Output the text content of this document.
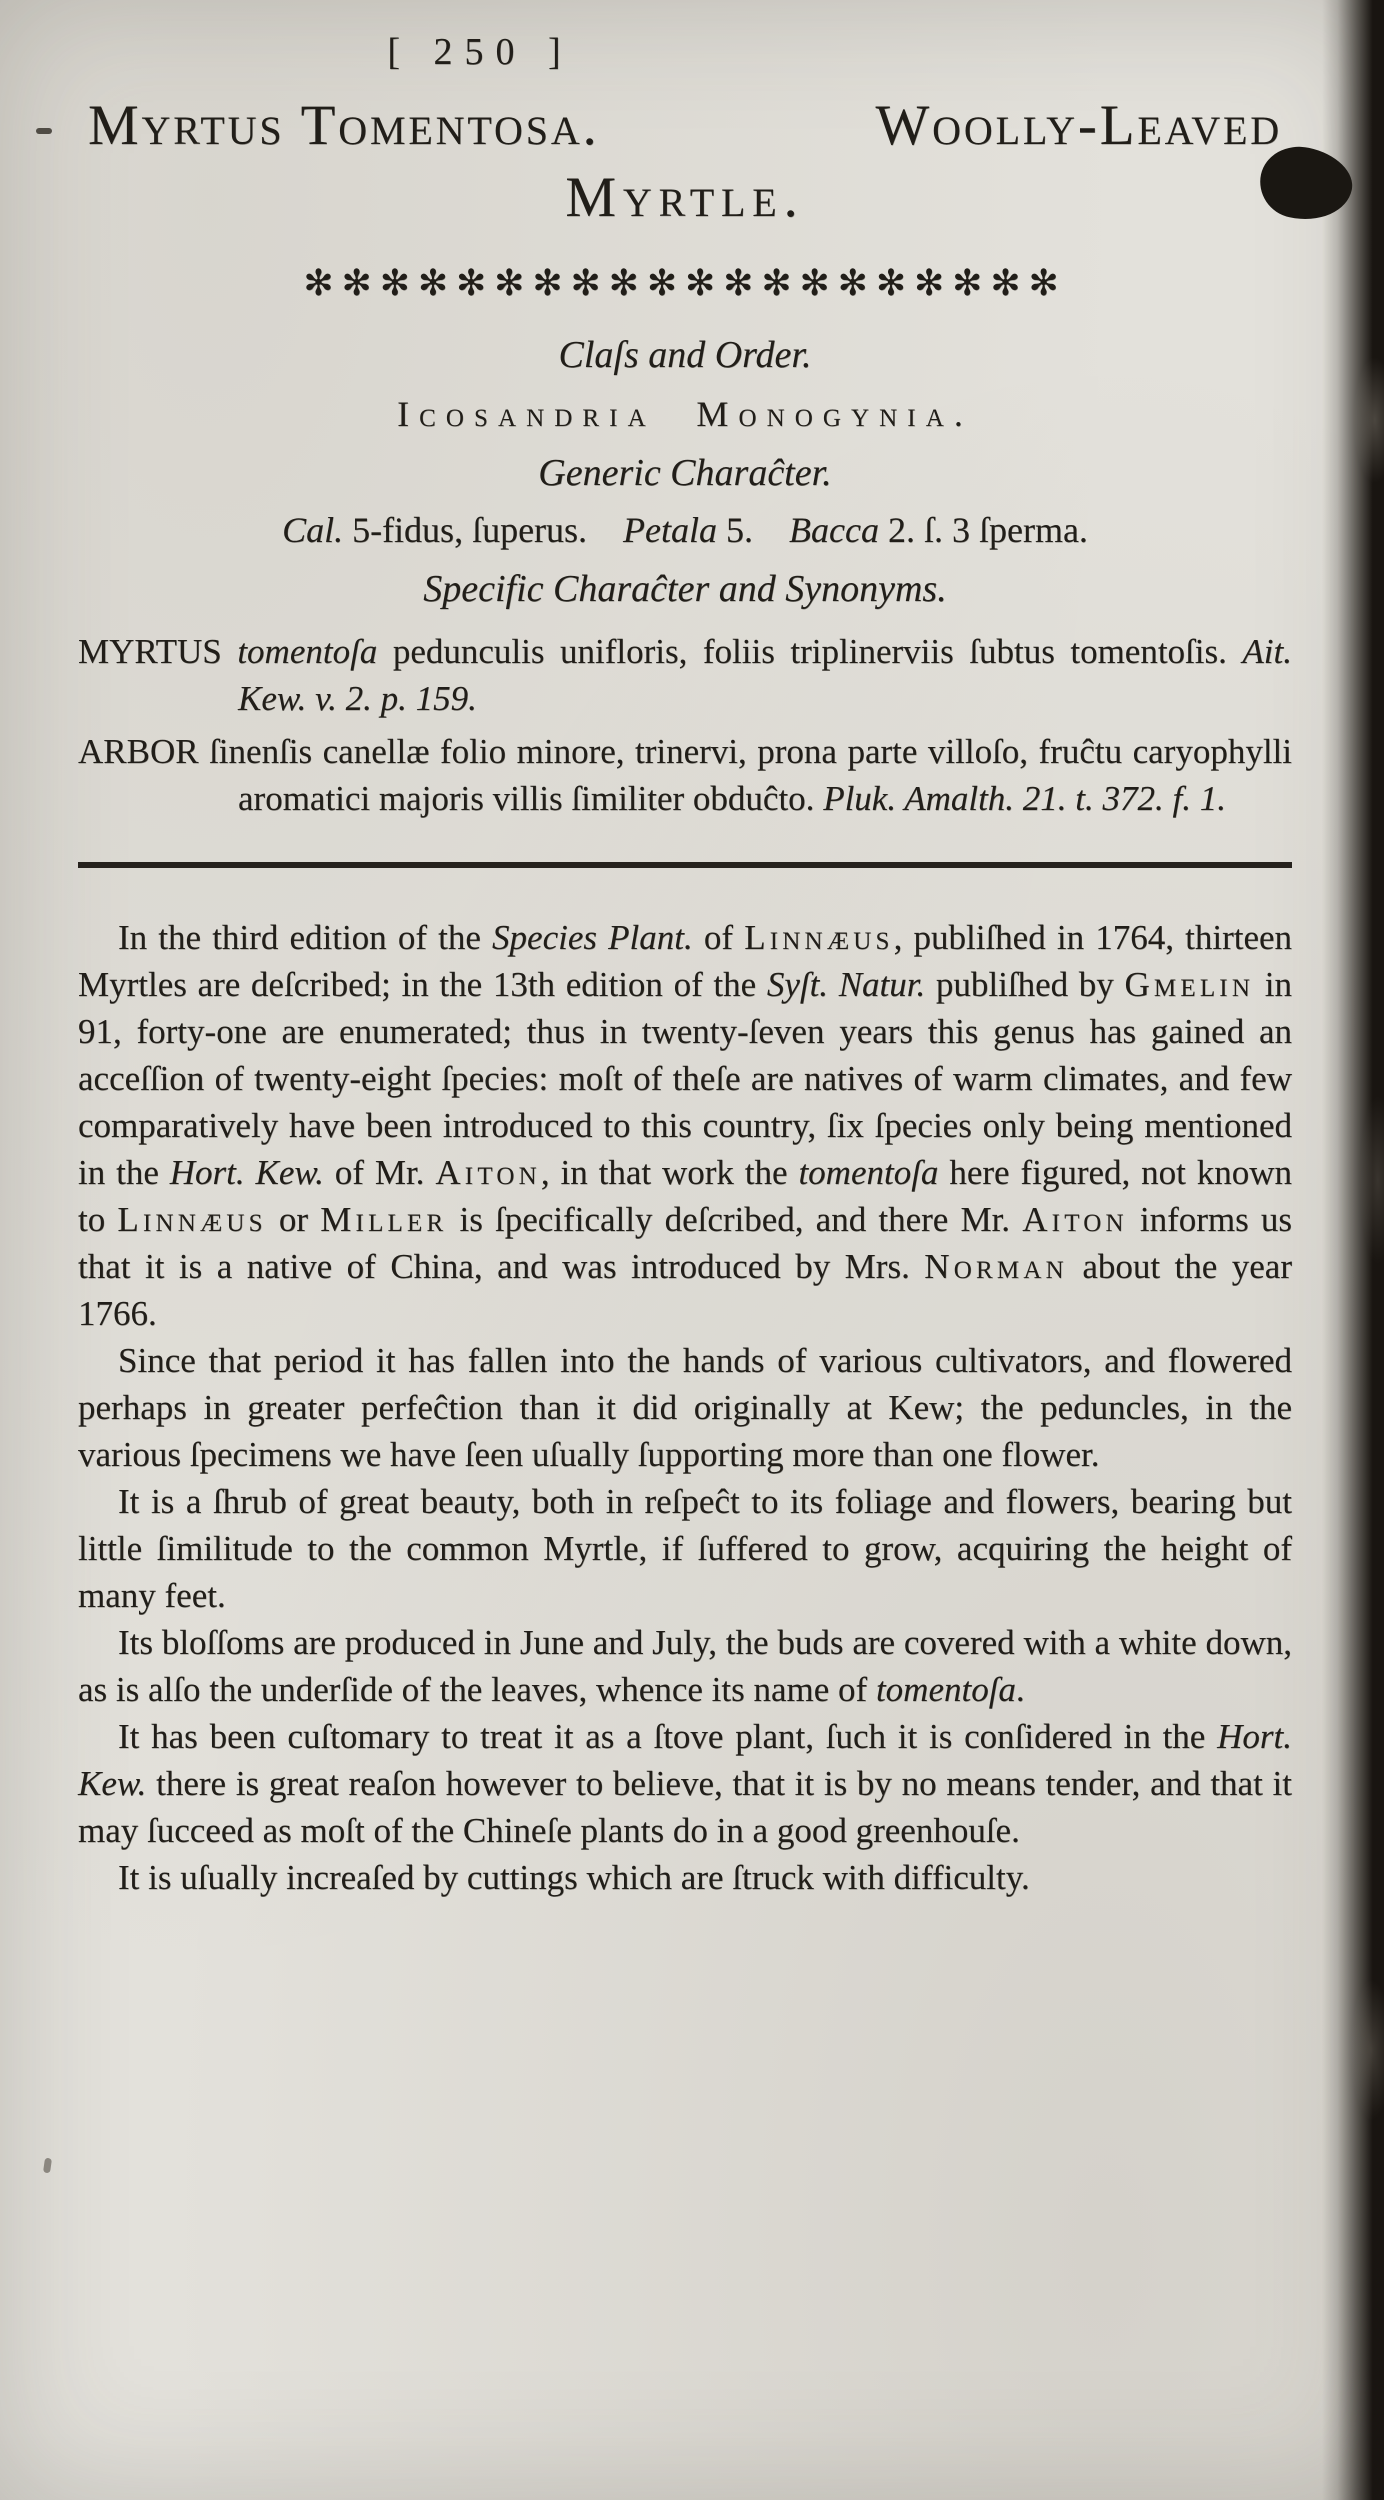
[ 250 ]
Myrtus Tomentosa.	Woolly-Leaved
Myrtle.
✻✻✻✻✻✻✻✻✻✻✻✻✻✻✻✻✻✻✻✻
Claſs and Order.
Icosandria Monogynia.
Generic Charaĉter.
Cal. 5-fidus, ſuperus.    Petala 5.    Bacca 2. ſ. 3 ſperma.
Specific Charaĉter and Synonyms.
MYRTUS tomentoſa pedunculis unifloris, foliis triplinerviis ſubtus tomentoſis. Ait. Kew. v. 2. p. 159.
ARBOR ſinenſis canellæ folio minore, trinervi, prona parte villoſo, fruĉtu caryophylli aromatici majoris villis ſimiliter obduĉto. Pluk. Amalth. 21. t. 372. f. 1.

In the third edition of the Species Plant. of Linnæus, publiſhed in 1764, thirteen Myrtles are deſcribed; in the 13th edition of the Syſt. Natur. publiſhed by Gmelin in 91, forty-one are enumerated; thus in twenty-ſeven years this genus has gained an acceſſion of twenty-eight ſpecies: moſt of theſe are natives of warm climates, and few comparatively have been introduced to this country, ſix ſpecies only being mentioned in the Hort. Kew. of Mr. Aiton, in that work the tomentoſa here figured, not known to Linnæus or Miller is ſpecifically deſcribed, and there Mr. Aiton informs us that it is a native of China, and was introduced by Mrs. Norman about the year 1766.

Since that period it has fallen into the hands of various cultivators, and flowered perhaps in greater perfeĉtion than it did originally at Kew; the peduncles, in the various ſpecimens we have ſeen uſually ſupporting more than one flower.

It is a ſhrub of great beauty, both in reſpeĉt to its foliage and flowers, bearing but little ſimilitude to the common Myrtle, if ſuffered to grow, acquiring the height of many feet.

Its bloſſoms are produced in June and July, the buds are covered with a white down, as is alſo the underſide of the leaves, whence its name of tomentoſa.

It has been cuſtomary to treat it as a ſtove plant, ſuch it is conſidered in the Hort. Kew. there is great reaſon however to believe, that it is by no means tender, and that it may ſucceed as moſt of the Chineſe plants do in a good greenhouſe.

It is uſually increaſed by cuttings which are ſtruck with difficulty.
